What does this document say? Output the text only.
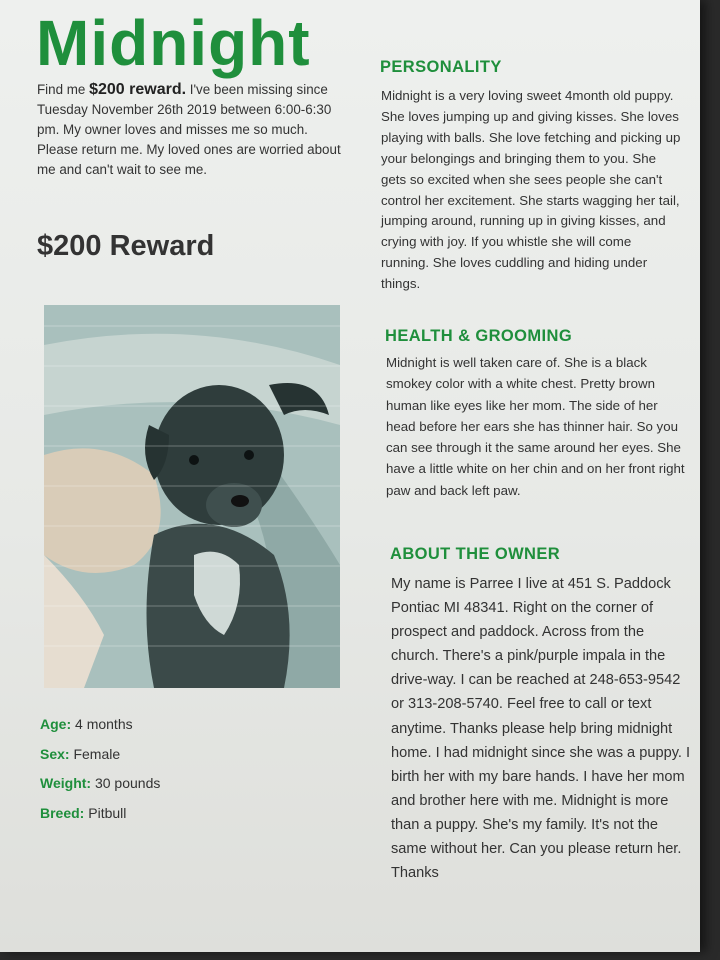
Midnight
Find me $200 reward. I've been missing since Tuesday November 26th 2019 between 6:00-6:30 pm. My owner loves and misses me so much. Please return me. My loved ones are worried about me and can't wait to see me.
$200 Reward
Age: 4 months
Sex: Female
Weight: 30 pounds
Breed: Pitbull
PERSONALITY
Midnight is a very loving sweet 4month old puppy. She loves jumping up and giving kisses. She loves playing with balls. She love fetching and picking up your belongings and bringing them to you. She gets so excited when she sees people she can't control her excitement. She starts wagging her tail, jumping around, running up in giving kisses, and crying with joy. If you whistle she will come running. She loves cuddling and hiding under things.
HEALTH & GROOMING
Midnight is well taken care of. She is a black smokey color with a white chest. Pretty brown human like eyes like her mom. The side of her head before her ears she has thinner hair. So you can see through it the same around her eyes. She have a little white on her chin and on her front right paw and back left paw.
ABOUT THE OWNER
My name is Parree I live at 451 S. Paddock Pontiac MI 48341. Right on the corner of prospect and paddock. Across from the church. There's a pink/purple impala in the drive-way. I can be reached at 248-653-9542 or 313-208-5740. Feel free to call or text anytime. Thanks please help bring midnight home. I had midnight since she was a puppy. I birth her with my bare hands. I have her mom and brother here with me. Midnight is more than a puppy. She's my family. It's not the same without her. Can you please return her. Thanks
